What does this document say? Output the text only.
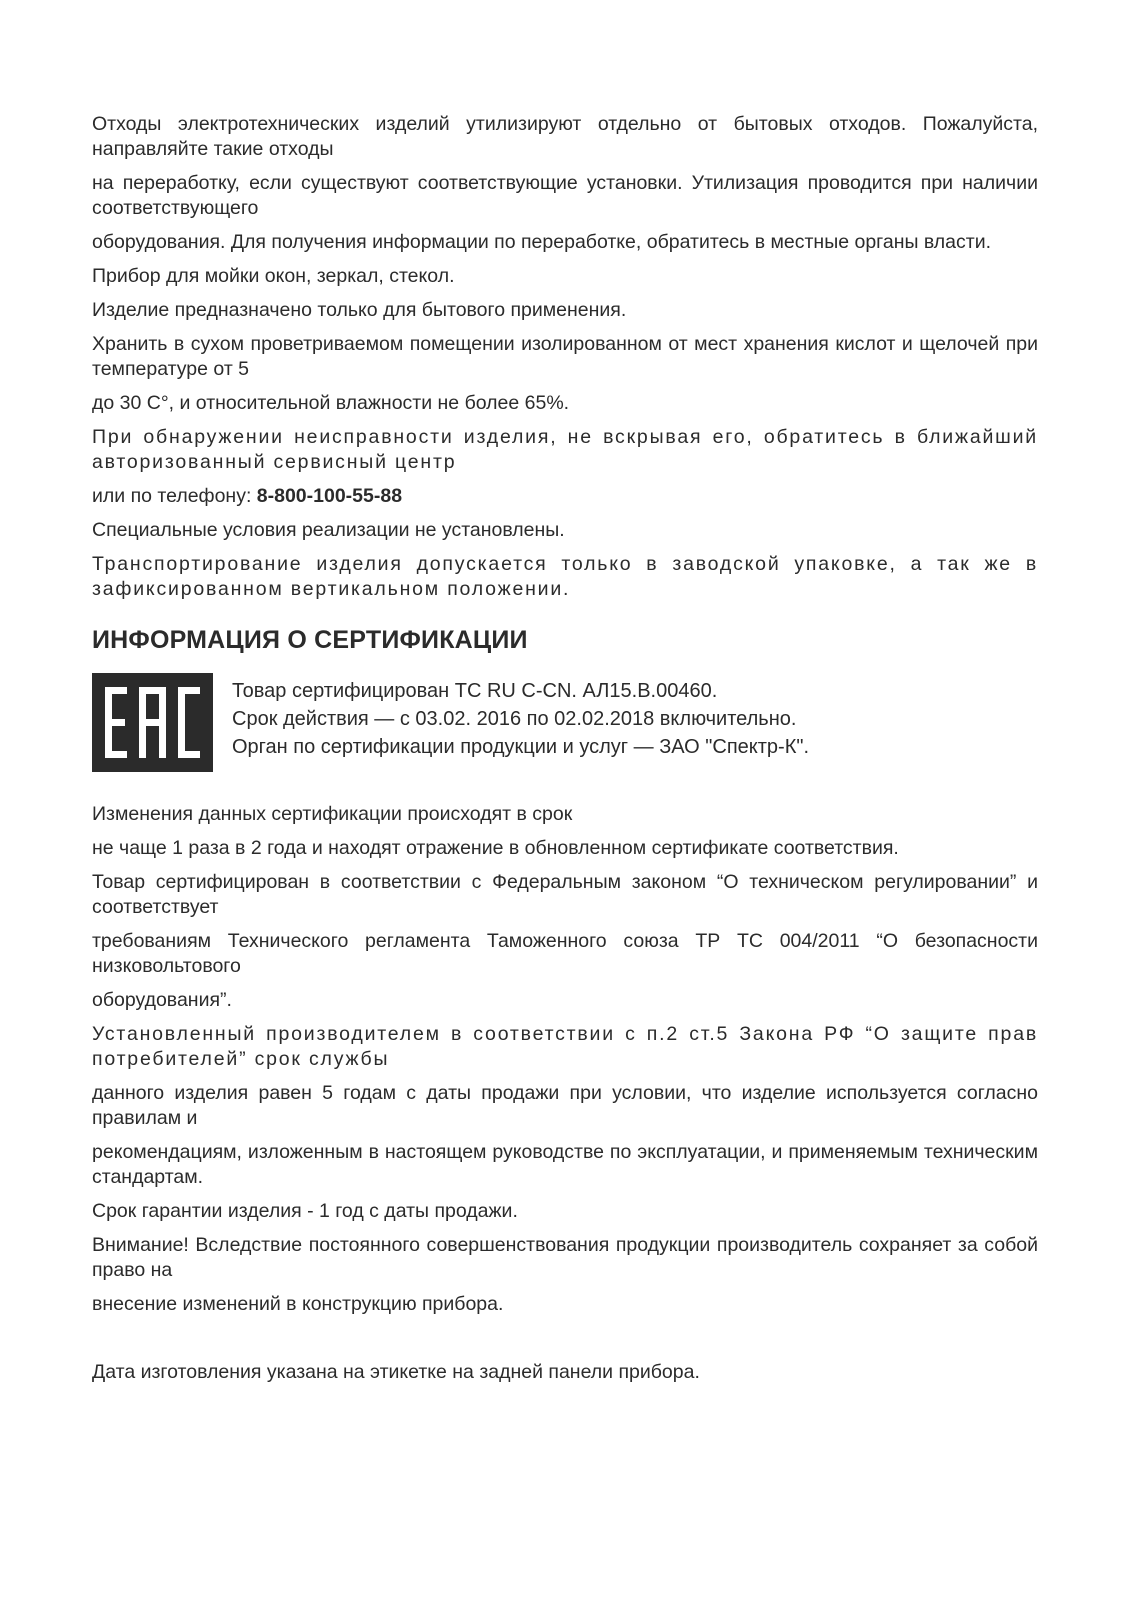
Отходы электротехнических изделий утилизируют отдельно от бытовых отходов. Пожалуйста, направляйте такие отходы

на переработку, если существуют соответствующие установки. Утилизация проводится при наличии соответствующего

оборудования. Для получения информации по переработке, обратитесь в местные органы власти.

Прибор для мойки окон, зеркал, стекол.

Изделие предназначено только для бытового применения.

Хранить в сухом проветриваемом помещении изолированном от мест хранения кислот и щелочей при температуре от 5

до 30 С°, и относительной влажности не более 65%.

При обнаружении неисправности изделия, не вскрывая его, обратитесь в ближайший авторизованный сервисный центр

или по телефону: 8-800-100-55-88

Специальные условия реализации не установлены.

Транспортирование изделия допускается только в заводской упаковке, а так же в зафиксированном вертикальном положении.

ИНФОРМАЦИЯ О СЕРТИФИКАЦИИ
Товар сертифицирован ТС RU С-CN. АЛ15.В.00460.
Срок действия — с 03.02. 2016 по 02.02.2018 включительно.
Орган по сертификации продукции и услуг — ЗАО "Спектр-К".

Изменения данных сертификации происходят в срок

не чаще 1 раза в 2 года и находят отражение в обновленном сертификате соответствия.

Товар сертифицирован в соответствии с Федеральным законом “О техническом регулировании” и соответствует

требованиям Технического регламента Таможенного союза ТР ТС 004/2011 “О безопасности низковольтового

оборудования”.

Установленный производителем в соответствии с п.2 ст.5 Закона РФ “О защите прав потребителей” срок службы

данного изделия равен 5 годам с даты продажи при условии, что изделие используется согласно правилам и

рекомендациям, изложенным в настоящем руководстве по эксплуатации, и применяемым техническим стандартам.

Срок гарантии изделия - 1 год с даты продажи.

Внимание! Вследствие постоянного совершенствования продукции производитель сохраняет за собой право на

внесение изменений в конструкцию прибора.

Дата изготовления указана на этикетке на задней панели прибора.
